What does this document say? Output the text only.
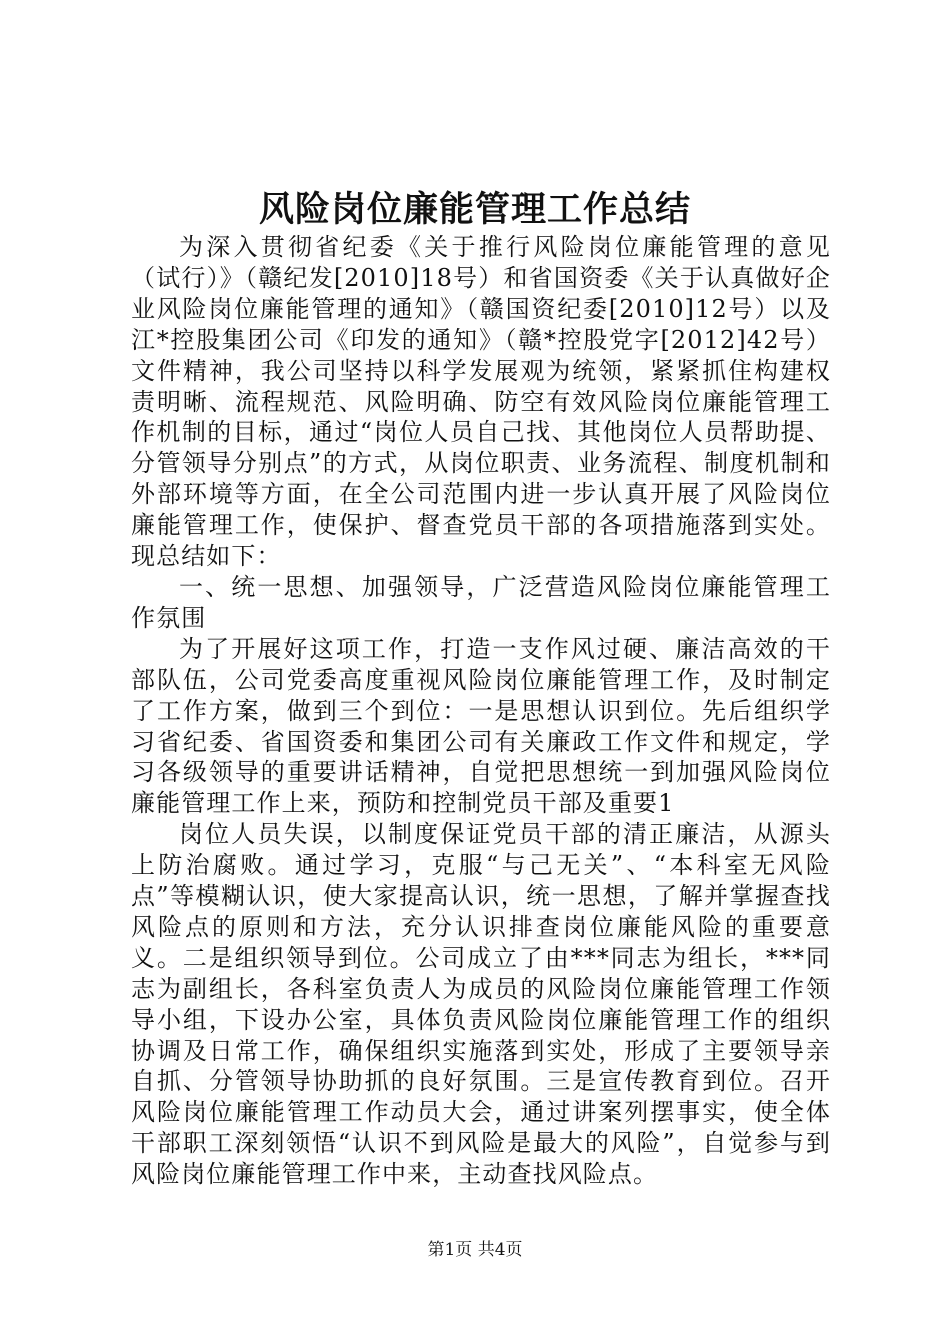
风险岗位廉能管理工作总结

为深入贯彻省纪委《关于推行风险岗位廉能管理的意见（试行）》（赣纪发[2010]18号）和省国资委《关于认真做好企业风险岗位廉能管理的通知》（赣国资纪委[2010]12号）以及江*控股集团公司《印发的通知》（赣*控股党字[2012]42号）文件精神，我公司坚持以科学发展观为统领，紧紧抓住构建权责明晰、流程规范、风险明确、防空有效风险岗位廉能管理工作机制的目标，通过“岗位人员自己找、其他岗位人员帮助提、分管领导分别点”的方式，从岗位职责、业务流程、制度机制和外部环境等方面，在全公司范围内进一步认真开展了风险岗位廉能管理工作，使保护、督查党员干部的各项措施落到实处。现总结如下：

一、统一思想、加强领导，广泛营造风险岗位廉能管理工作氛围

为了开展好这项工作，打造一支作风过硬、廉洁高效的干部队伍，公司党委高度重视风险岗位廉能管理工作，及时制定了工作方案，做到三个到位：一是思想认识到位。先后组织学习省纪委、省国资委和集团公司有关廉政工作文件和规定，学习各级领导的重要讲话精神，自觉把思想统一到加强风险岗位廉能管理工作上来，预防和控制党员干部及重要1

岗位人员失误，以制度保证党员干部的清正廉洁，从源头上防治腐败。通过学习，克服“与己无关”、“本科室无风险点”等模糊认识，使大家提高认识，统一思想，了解并掌握查找风险点的原则和方法，充分认识排查岗位廉能风险的重要意义。二是组织领导到位。公司成立了由***同志为组长，***同志为副组长，各科室负责人为成员的风险岗位廉能管理工作领导小组，下设办公室，具体负责风险岗位廉能管理工作的组织协调及日常工作，确保组织实施落到实处，形成了主要领导亲自抓、分管领导协助抓的良好氛围。三是宣传教育到位。召开风险岗位廉能管理工作动员大会，通过讲案列摆事实，使全体干部职工深刻领悟“认识不到风险是最大的风险”，自觉参与到风险岗位廉能管理工作中来，主动查找风险点。

第1页 共4页
